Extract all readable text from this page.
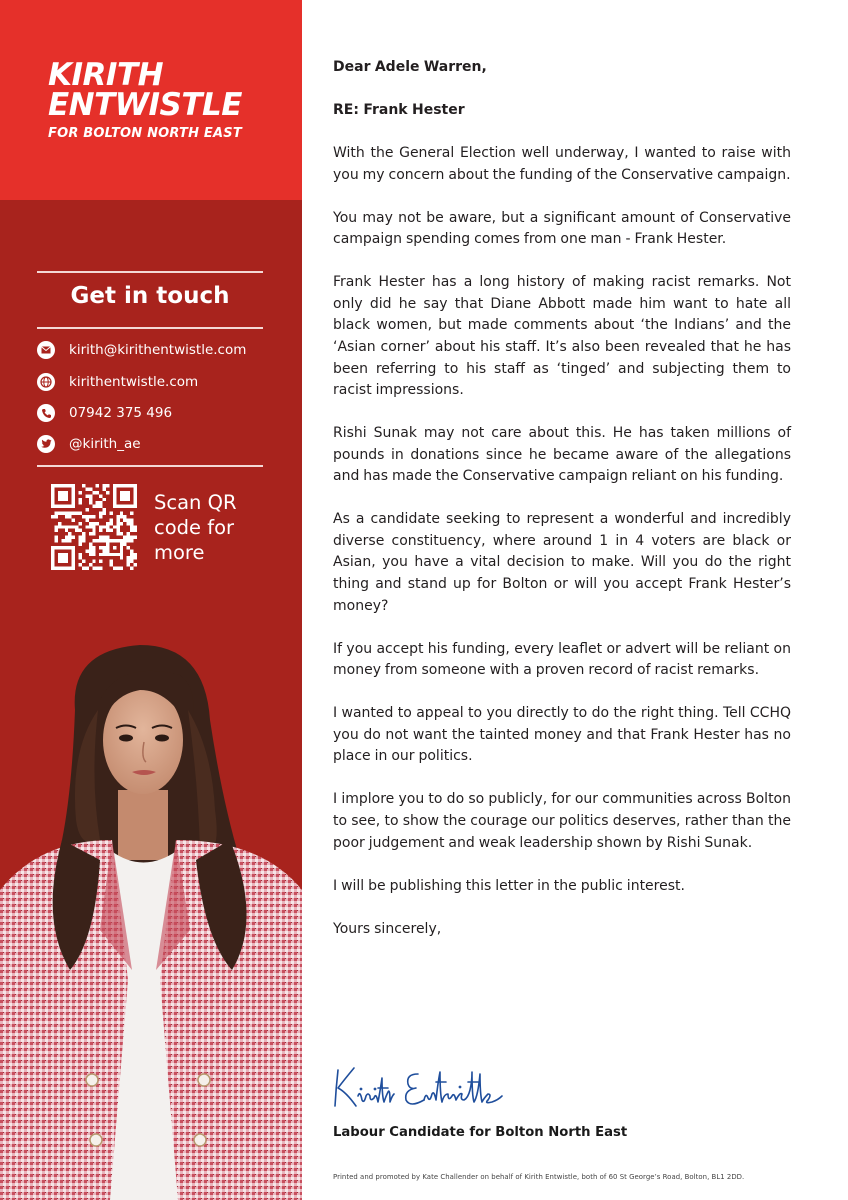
KIRITH
ENTWISTLE
FOR BOLTON NORTH EAST
Get in touch
kirith@kirithentwistle.com
kirithentwistle.com
07942 375 496
@kirith_ae
Scan QR
code for
more

Dear Adele Warren,

RE: Frank Hester

With the General Election well underway, I wanted to raise with you my concern about the funding of the Conservative campaign.

You may not be aware, but a significant amount of Conservative campaign spending comes from one man - Frank Hester.

Frank Hester has a long history of making racist remarks. Not only did he say that Diane Abbott made him want to hate all black women, but made comments about ‘the Indians’ and the ‘Asian corner’ about his staff. It’s also been revealed that he has been referring to his staff as ‘tinged’ and subjecting them to racist impressions.

Rishi Sunak may not care about this. He has taken millions of pounds in donations since he became aware of the allegations and has made the Conservative campaign reliant on his funding.

As a candidate seeking to represent a wonderful and incredibly diverse constituency, where around 1 in 4 voters are black or Asian, you have a vital decision to make. Will you do the right thing and stand up for Bolton or will you accept Frank Hester’s money?

If you accept his funding, every leaflet or advert will be reliant on money from someone with a proven record of racist remarks.

I wanted to appeal to you directly to do the right thing. Tell CCHQ you do not want the tainted money and that Frank Hester has no place in our politics.

I implore you to do so publicly, for our communities across Bolton to see, to show the courage our politics deserves, rather than the poor judgement and weak leadership shown by Rishi Sunak.

I will be publishing this letter in the public interest.

Yours sincerely,

Labour Candidate for Bolton North East
Printed and promoted by Kate Challender on behalf of Kirith Entwistle, both of 60 St George’s Road, Bolton, BL1 2DD.
